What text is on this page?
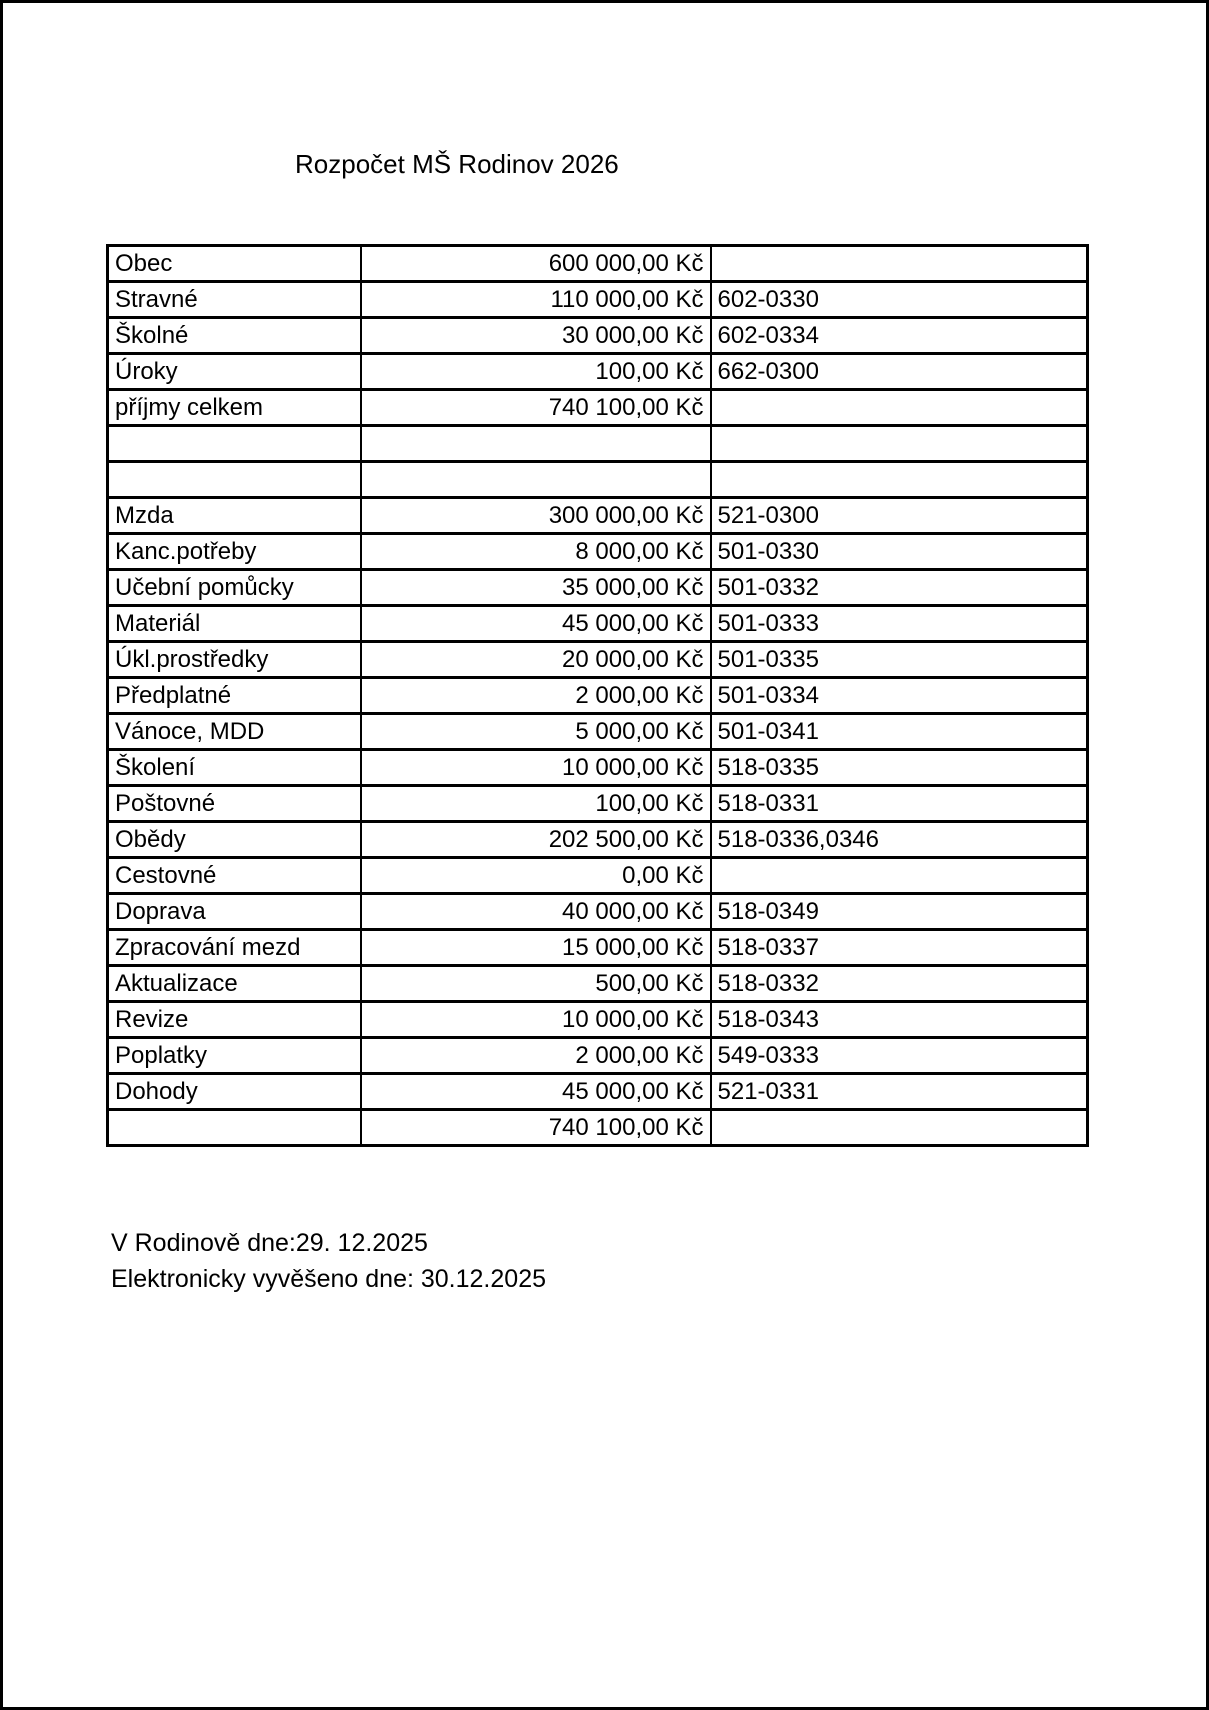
Rozpočet MŠ Rodinov 2026
Obec	600 000,00 Kč	
Stravné	110 000,00 Kč	602-0330
Školné	30 000,00 Kč	602-0334
Úroky	100,00 Kč	662-0300
příjmy celkem	740 100,00 Kč	

Mzda	300 000,00 Kč	521-0300
Kanc.potřeby	8 000,00 Kč	501-0330
Učební pomůcky	35 000,00 Kč	501-0332
Materiál	45 000,00 Kč	501-0333
Úkl.prostředky	20 000,00 Kč	501-0335
Předplatné	2 000,00 Kč	501-0334
Vánoce, MDD	5 000,00 Kč	501-0341
Školení	10 000,00 Kč	518-0335
Poštovné	100,00 Kč	518-0331
Obědy	202 500,00 Kč	518-0336,0346
Cestovné	0,00 Kč	
Doprava	40 000,00 Kč	518-0349
Zpracování mezd	15 000,00 Kč	518-0337
Aktualizace	500,00 Kč	518-0332
Revize	10 000,00 Kč	518-0343
Poplatky	2 000,00 Kč	549-0333
Dohody	45 000,00 Kč	521-0331
	740 100,00 Kč	
V Rodinově dne:29. 12.2025
Elektronicky vyvěšeno dne: 30.12.2025
